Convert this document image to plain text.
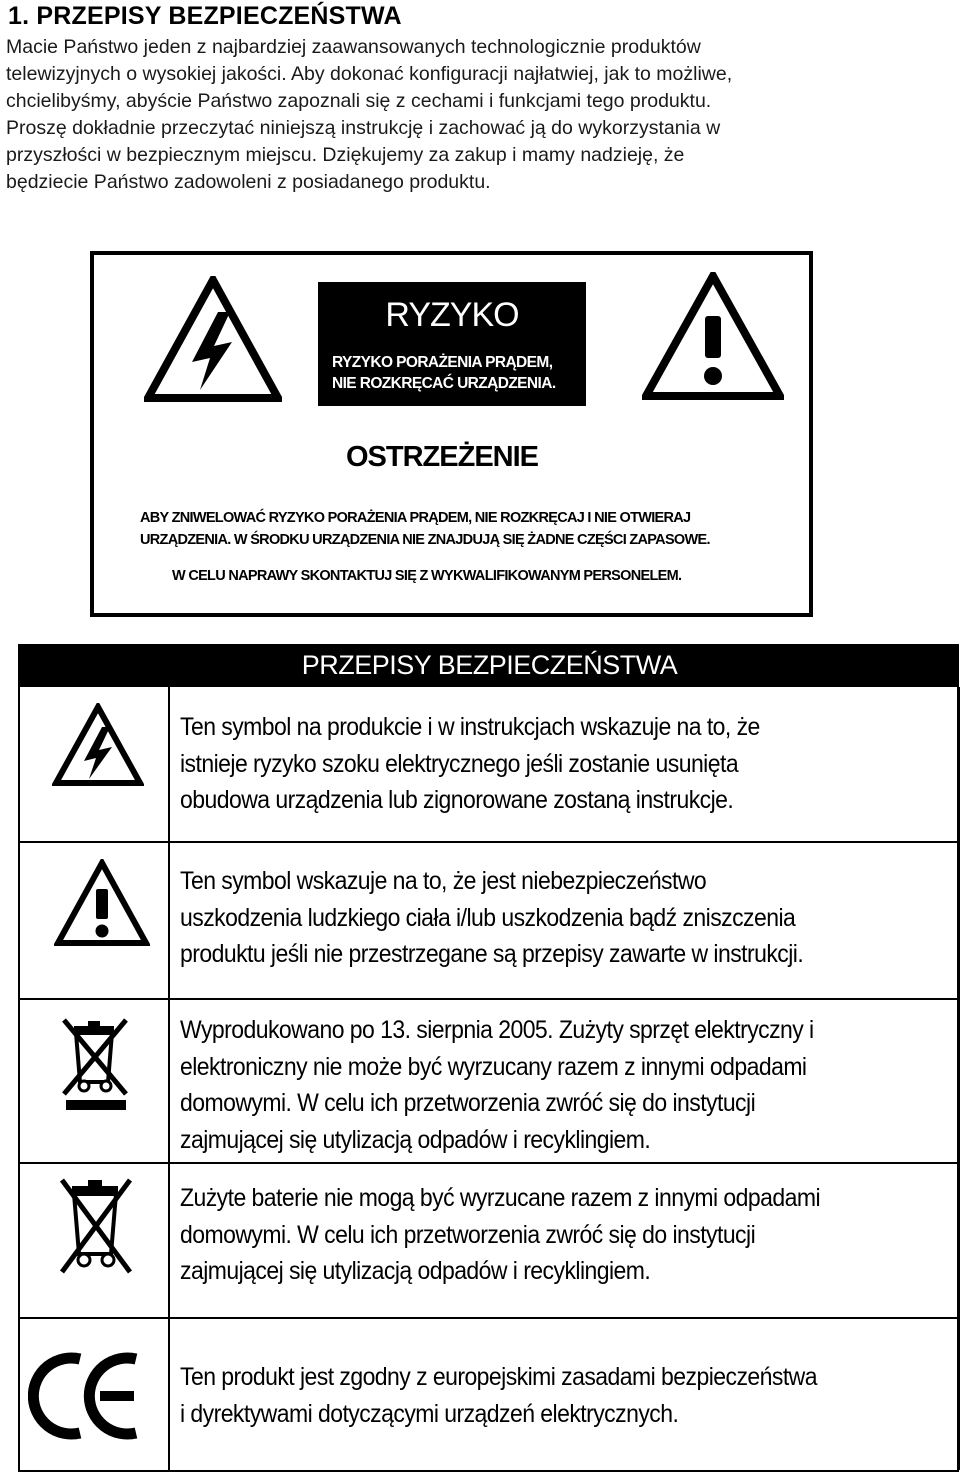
1. PRZEPISY BEZPIECZEŃSTWA

Macie Państwo jeden z najbardziej zaawansowanych technologicznie produktów

telewizyjnych o wysokiej jakości. Aby dokonać konfiguracji najłatwiej, jak to możliwe,

chcielibyśmy, abyście Państwo zapoznali się z cechami i funkcjami tego produktu.

Proszę dokładnie przeczytać niniejszą instrukcję i zachować ją do wykorzystania w

przyszłości w bezpiecznym miejscu. Dziękujemy za zakup i mamy nadzieję, że

będziecie Państwo zadowoleni z posiadanego produktu.

RYZYKO
RYZYKO PORAŻENIA PRĄDEM,
NIE ROZKRĘCAĆ URZĄDZENIA.
OSTRZEŻENIE
ABY ZNIWELOWAĆ RYZYKO PORAŻENIA PRĄDEM, NIE ROZKRĘCAJ I NIE OTWIERAJ
URZĄDZENIA. W ŚRODKU URZĄDZENIA NIE ZNAJDUJĄ SIĘ ŻADNE CZĘŚCI ZAPASOWE.
W CELU NAPRAWY SKONTAKTUJ SIĘ Z WYKWALIFIKOWANYM PERSONELEM.
PRZEPISY BEZPIECZEŃSTWA
Ten symbol na produkcie i w instrukcjach wskazuje na to, że
istnieje ryzyko szoku elektrycznego jeśli zostanie usunięta
obudowa urządzenia lub zignorowane zostaną instrukcje.
Ten symbol wskazuje na to, że jest niebezpieczeństwo
uszkodzenia ludzkiego ciała i/lub uszkodzenia bądź zniszczenia
produktu jeśli nie przestrzegane są przepisy zawarte w instrukcji.
Wyprodukowano po 13. sierpnia 2005. Zużyty sprzęt elektryczny i
elektroniczny nie może być wyrzucany razem z innymi odpadami
domowymi. W celu ich przetworzenia zwróć się do instytucji
zajmującej się utylizacją odpadów i recyklingiem.
Zużyte baterie nie mogą być wyrzucane razem z innymi odpadami
domowymi. W celu ich przetworzenia zwróć się do instytucji
zajmującej się utylizacją odpadów i recyklingiem.
Ten produkt jest zgodny z europejskimi zasadami bezpieczeństwa
i dyrektywami dotyczącymi urządzeń elektrycznych.
